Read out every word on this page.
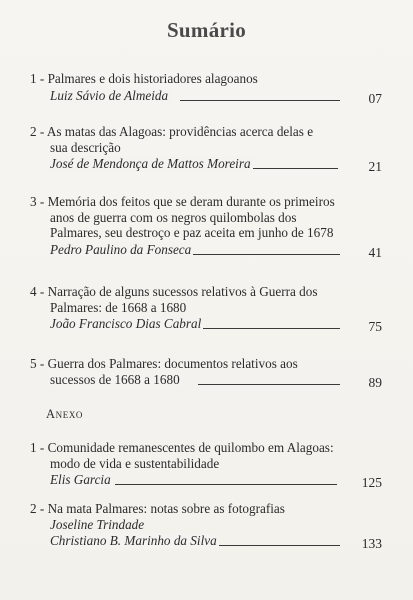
Sumário
1 - Palmares e dois historiadores alagoanos
Luiz Sávio de Almeida	07
2 - As matas das Alagoas: providências acerca delas e
sua descrição
José de Mendonça de Mattos Moreira	21
3 - Memória dos feitos que se deram durante os primeiros
anos de guerra com os negros quilombolas dos
Palmares, seu destroço e paz aceita em junho de 1678
Pedro Paulino da Fonseca	41
4 - Narração de alguns sucessos relativos à Guerra dos
Palmares: de 1668 a 1680
João Francisco Dias Cabral	75
5 - Guerra dos Palmares: documentos relativos aos
sucessos de 1668 a 1680	89
Anexo
1 - Comunidade remanescentes de quilombo em Alagoas:
modo de vida e sustentabilidade
Elis Garcia	125
2 - Na mata Palmares: notas sobre as fotografias
Joseline Trindade
Christiano B. Marinho da Silva	133
